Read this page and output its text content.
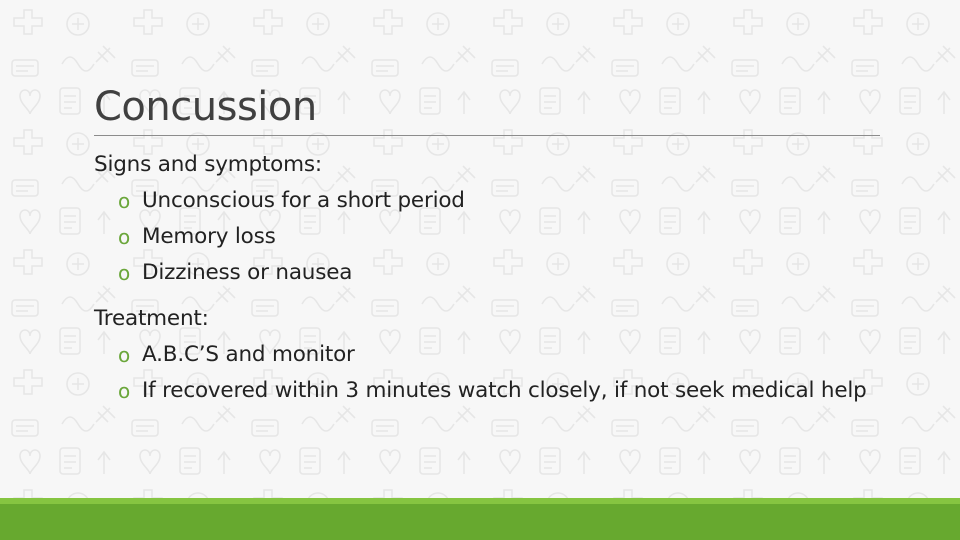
Concussion
Signs and symptoms:
o Unconscious for a short period
o Memory loss
o Dizziness or nausea
Treatment:
o A.B.C’S and monitor
o If recovered within 3 minutes watch closely, if not seek medical help
